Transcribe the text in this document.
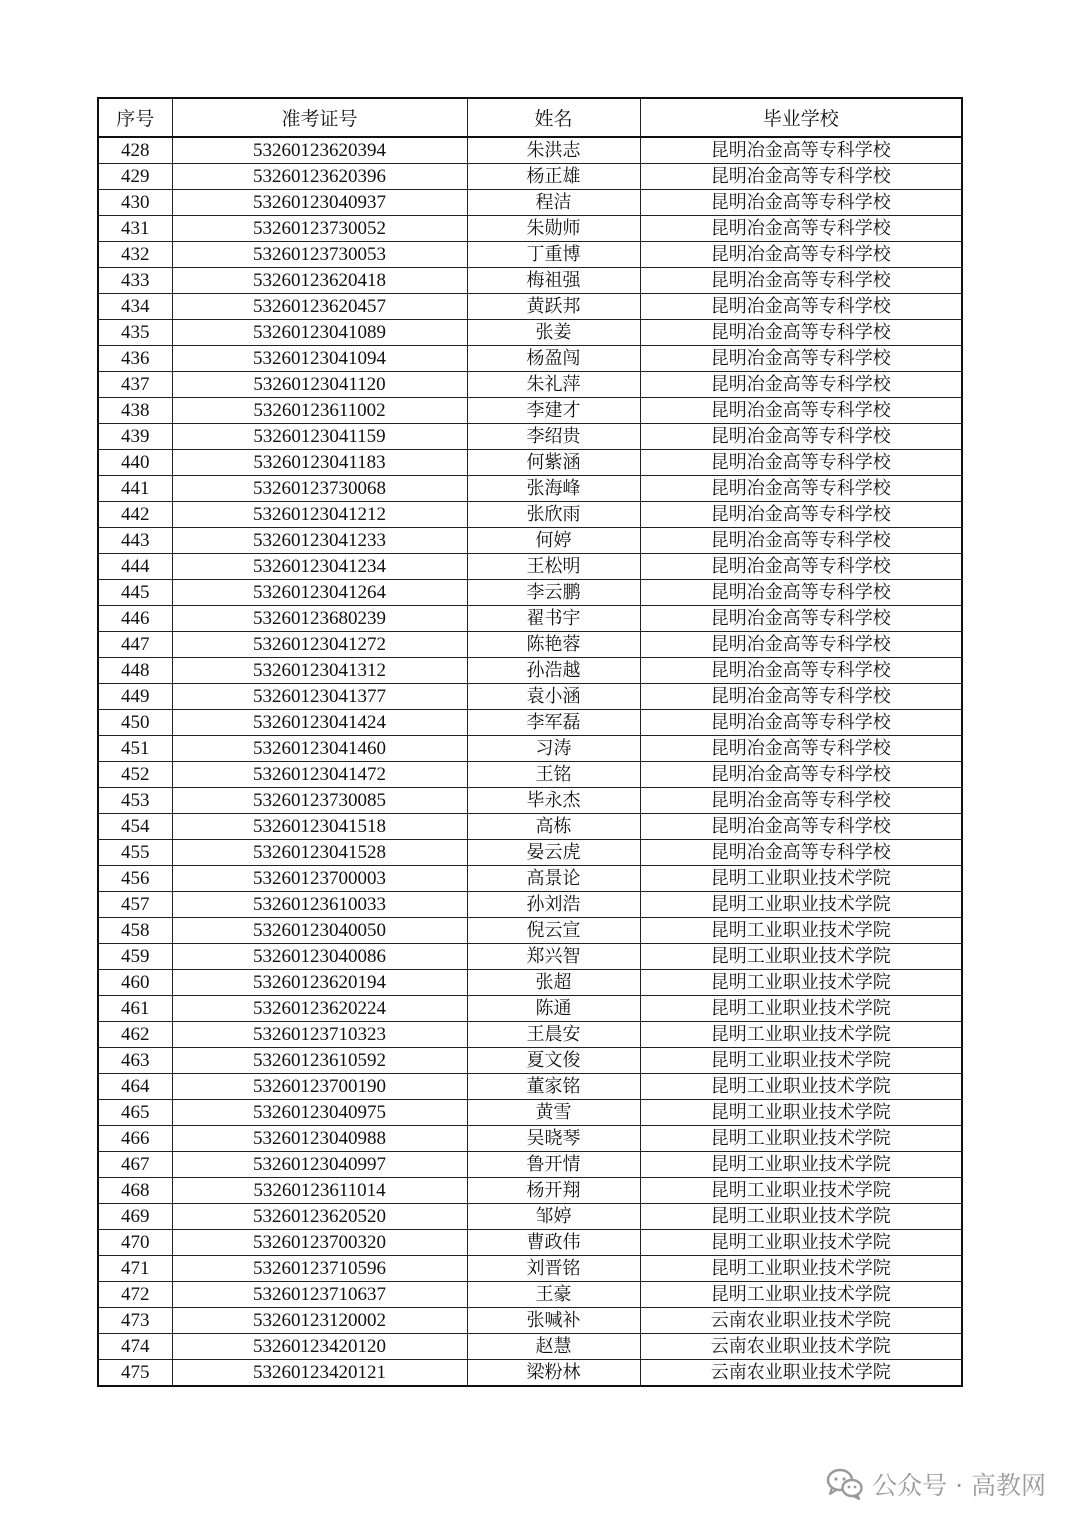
序号	准考证号	姓名	毕业学校
428	53260123620394	朱洪志	昆明冶金高等专科学校
429	53260123620396	杨正雄	昆明冶金高等专科学校
430	53260123040937	程洁	昆明冶金高等专科学校
431	53260123730052	朱勋师	昆明冶金高等专科学校
432	53260123730053	丁重博	昆明冶金高等专科学校
433	53260123620418	梅祖强	昆明冶金高等专科学校
434	53260123620457	黄跃邦	昆明冶金高等专科学校
435	53260123041089	张姜	昆明冶金高等专科学校
436	53260123041094	杨盈闯	昆明冶金高等专科学校
437	53260123041120	朱礼萍	昆明冶金高等专科学校
438	53260123611002	李建才	昆明冶金高等专科学校
439	53260123041159	李绍贵	昆明冶金高等专科学校
440	53260123041183	何紫涵	昆明冶金高等专科学校
441	53260123730068	张海峰	昆明冶金高等专科学校
442	53260123041212	张欣雨	昆明冶金高等专科学校
443	53260123041233	何婷	昆明冶金高等专科学校
444	53260123041234	王松明	昆明冶金高等专科学校
445	53260123041264	李云鹏	昆明冶金高等专科学校
446	53260123680239	翟书宇	昆明冶金高等专科学校
447	53260123041272	陈艳蓉	昆明冶金高等专科学校
448	53260123041312	孙浩越	昆明冶金高等专科学校
449	53260123041377	袁小涵	昆明冶金高等专科学校
450	53260123041424	李军磊	昆明冶金高等专科学校
451	53260123041460	习涛	昆明冶金高等专科学校
452	53260123041472	王铭	昆明冶金高等专科学校
453	53260123730085	毕永杰	昆明冶金高等专科学校
454	53260123041518	高栋	昆明冶金高等专科学校
455	53260123041528	晏云虎	昆明冶金高等专科学校
456	53260123700003	高景论	昆明工业职业技术学院
457	53260123610033	孙刘浩	昆明工业职业技术学院
458	53260123040050	倪云宣	昆明工业职业技术学院
459	53260123040086	郑兴智	昆明工业职业技术学院
460	53260123620194	张超	昆明工业职业技术学院
461	53260123620224	陈通	昆明工业职业技术学院
462	53260123710323	王晨安	昆明工业职业技术学院
463	53260123610592	夏文俊	昆明工业职业技术学院
464	53260123700190	董家铭	昆明工业职业技术学院
465	53260123040975	黄雪	昆明工业职业技术学院
466	53260123040988	吴晓琴	昆明工业职业技术学院
467	53260123040997	鲁开情	昆明工业职业技术学院
468	53260123611014	杨开翔	昆明工业职业技术学院
469	53260123620520	邹婷	昆明工业职业技术学院
470	53260123700320	曹政伟	昆明工业职业技术学院
471	53260123710596	刘晋铭	昆明工业职业技术学院
472	53260123710637	王豪	昆明工业职业技术学院
473	53260123120002	张喊补	云南农业职业技术学院
474	53260123420120	赵慧	云南农业职业技术学院
475	53260123420121	梁粉林	云南农业职业技术学院
公众号 · 高教网
